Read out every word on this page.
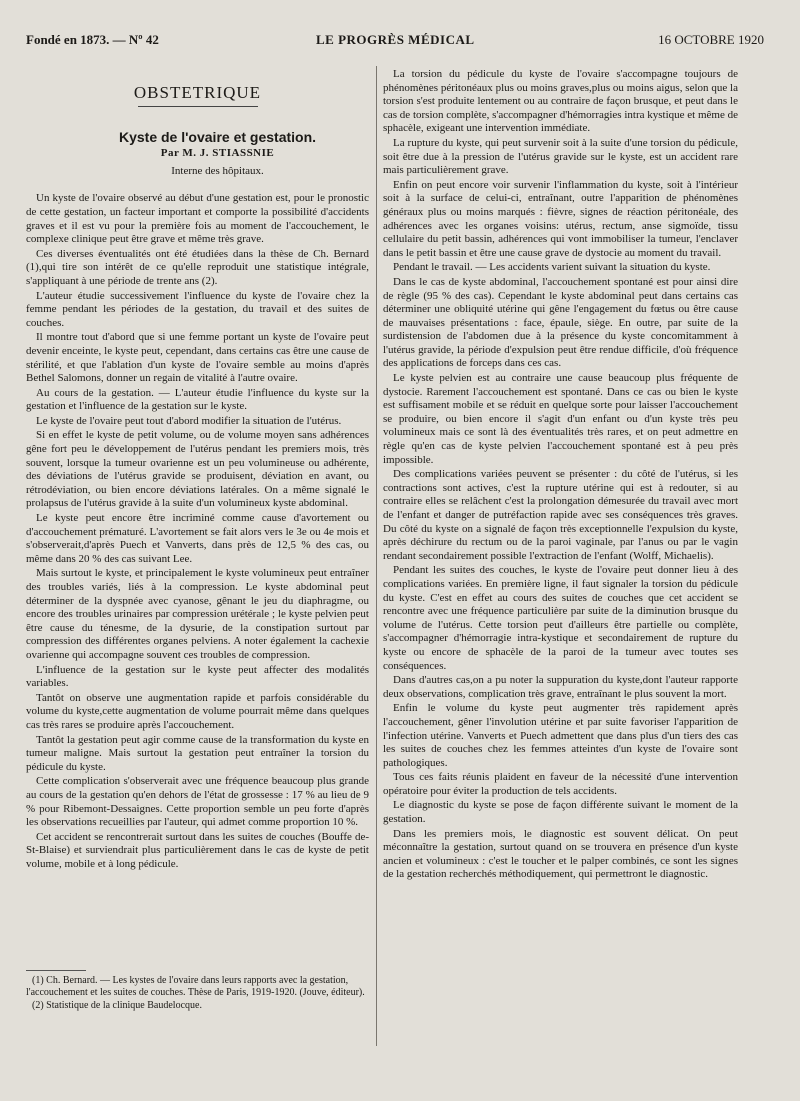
Fondé en 1873. — Nº 42	LE PROGRÈS MÉDICAL	16 OCTOBRE 1920
OBSTETRIQUE
Kyste de l'ovaire et gestation.
Par M. J. STIASSNIE
Interne des hôpitaux.

Un kyste de l'ovaire observé au début d'une gestation est, pour le pronostic de cette gestation, un facteur important et comporte la possibilité d'accidents graves et il est vu pour la première fois au moment de l'accouchement, le complexe clinique peut être grave et même très grave.

Ces diverses éventualités ont été étudiées dans la thèse de Ch. Bernard (1),qui tire son intérêt de ce qu'elle reproduit une statistique intégrale, s'appliquant à une période de trente ans (2).

L'auteur étudie successivement l'influence du kyste de l'ovaire chez la femme pendant les périodes de la gestation, du travail et des suites de couches.

Il montre tout d'abord que si une femme portant un kyste de l'ovaire peut devenir enceinte, le kyste peut, cependant, dans certains cas être une cause de stérilité, et que l'ablation d'un kyste de l'ovaire semble au moins d'après Bethel Salomons, donner un regain de vitalité à l'autre ovaire.

Au cours de la gestation. — L'auteur étudie l'influence du kyste sur la gestation et l'influence de la gestation sur le kyste.

Le kyste de l'ovaire peut tout d'abord modifier la situation de l'utérus.

Si en effet le kyste de petit volume, ou de volume moyen sans adhérences gêne fort peu le développement de l'utérus pendant les premiers mois, très souvent, lorsque la tumeur ovarienne est un peu volumineuse ou adhérente, des déviations de l'utérus gravide se produisent, déviation en avant, ou rétrodéviation, ou bien encore déviations latérales. On a même signalé le prolapsus de l'utérus gravide à la suite d'un volumineux kyste abdominal.

Le kyste peut encore être incriminé comme cause d'avortement ou d'accouchement prématuré. L'avortement se fait alors vers le 3e ou 4e mois et s'observerait,d'après Puech et Vanverts, dans près de 12,5 % des cas, ou même dans 20 % des cas suivant Lee.

Mais surtout le kyste, et principalement le kyste volumineux peut entraîner des troubles variés, liés à la compression. Le kyste abdominal peut déterminer de la dyspnée avec cyanose, gênant le jeu du diaphragme, ou encore des troubles urinaires par compression urétérale ; le kyste pelvien peut être cause du ténesme, de la dysurie, de la constipation surtout par compression des différentes organes pelviens. A noter également la cachexie ovarienne qui accompagne souvent ces troubles de compression.

L'influence de la gestation sur le kyste peut affecter des modalités variables.

Tantôt on observe une augmentation rapide et parfois considérable du volume du kyste,cette augmentation de volume pourrait même dans quelques cas très rares se produire après l'accouchement.

Tantôt la gestation peut agir comme cause de la transformation du kyste en tumeur maligne. Mais surtout la gestation peut entraîner la torsion du pédicule du kyste.

Cette complication s'observerait avec une fréquence beaucoup plus grande au cours de la gestation qu'en dehors de l'état de grossesse : 17 % au lieu de 9 % pour Ribemont-Dessaignes. Cette proportion semble un peu forte d'après les observations recueillies par l'auteur, qui admet comme proportion 10 %.

Cet accident se rencontrerait surtout dans les suites de couches (Bouffe de-St-Blaise) et surviendrait plus particulièrement dans le cas de kyste de petit volume, mobile et à long pédicule.

La torsion du pédicule du kyste de l'ovaire s'accompagne toujours de phénomènes péritonéaux plus ou moins graves,plus ou moins aigus, selon que la torsion s'est produite lentement ou au contraire de façon brusque, et peut dans le cas de torsion complète, s'accompagner d'hémorragies intra kystique et même de sphacèle, exigeant une intervention immédiate.

La rupture du kyste, qui peut survenir soit à la suite d'une torsion du pédicule, soit être due à la pression de l'utérus gravide sur le kyste, est un accident rare mais particulièrement grave.

Enfin on peut encore voir survenir l'inflammation du kyste, soit à l'intérieur soit à la surface de celui-ci, entraînant, outre l'apparition de phénomènes généraux plus ou moins marqués : fièvre, signes de réaction péritonéale, des adhérences avec les organes voisins: utérus, rectum, anse sigmoïde, tissu cellulaire du petit bassin, adhérences qui vont immobiliser la tumeur, l'enclaver dans le petit bassin et être une cause grave de dystocie au moment du travail.

Pendant le travail. — Les accidents varient suivant la situation du kyste.

Dans le cas de kyste abdominal, l'accouchement spontané est pour ainsi dire de règle (95 % des cas). Cependant le kyste abdominal peut dans certains cas déterminer une obliquité utérine qui gêne l'engagement du fœtus ou être cause de mauvaises présentations : face, épaule, siège. En outre, par suite de la surdistension de l'abdomen due à la présence du kyste concomitamment à l'utérus gravide, la période d'expulsion peut être rendue difficile, d'où fréquence des applications de forceps dans ces cas.

Le kyste pelvien est au contraire une cause beaucoup plus fréquente de dystocie. Rarement l'accouchement est spontané. Dans ce cas ou bien le kyste est suffisament mobile et se réduit en quelque sorte pour laisser l'accouchement se produire, ou bien encore il s'agit d'un enfant ou d'un kyste très peu volumineux mais ce sont là des éventualités très rares, et on peut admettre en règle qu'en cas de kyste pelvien l'accouchement spontané est à peu près impossible.

Des complications variées peuvent se présenter : du côté de l'utérus, si les contractions sont actives, c'est la rupture utérine qui est à redouter, si au contraire elles se relâchent c'est la prolongation démesurée du travail avec mort de l'enfant et danger de putréfaction rapide avec ses conséquences très graves. Du côté du kyste on a signalé de façon très exceptionnelle l'expulsion du kyste, après déchirure du rectum ou de la paroi vaginale, par l'anus ou par le vagin rendant secondairement possible l'extraction de l'enfant (Wolff, Michaelis).

Pendant les suites des couches, le kyste de l'ovaire peut donner lieu à des complications variées. En première ligne, il faut signaler la torsion du pédicule du kyste. C'est en effet au cours des suites de couches que cet accident se rencontre avec une fréquence particulière par suite de la diminution brusque du volume de l'utérus. Cette torsion peut d'ailleurs être partielle ou complète, s'accompagner d'hémorragie intra-kystique et secondairement de rupture du kyste ou encore de sphacèle de la paroi de la tumeur avec toutes ses conséquences.

Dans d'autres cas,on a pu noter la suppuration du kyste,dont l'auteur rapporte deux observations, complication très grave, entraînant le plus souvent la mort.

Enfin le volume du kyste peut augmenter très rapidement après l'accouchement, gêner l'involution utérine et par suite favoriser l'apparition de l'infection utérine. Vanverts et Puech admettent que dans plus d'un tiers des cas les suites de couches chez les femmes atteintes d'un kyste de l'ovaire sont pathologiques.

Tous ces faits réunis plaident en faveur de la nécessité d'une intervention opératoire pour éviter la production de tels accidents.

Le diagnostic du kyste se pose de façon différente suivant le moment de la gestation.

Dans les premiers mois, le diagnostic est souvent délicat. On peut méconnaître la gestation, surtout quand on se trouvera en présence d'un kyste ancien et volumineux : c'est le toucher et le palper combinés, ce sont les signes de la gestation recherchés méthodiquement, qui permettront le diagnostic.

(1) Ch. Bernard. — Les kystes de l'ovaire dans leurs rapports avec la gestation, l'accouchement et les suites de couches. Thèse de Paris, 1919-1920. (Jouve, éditeur).

(2) Statistique de la clinique Baudelocque.
